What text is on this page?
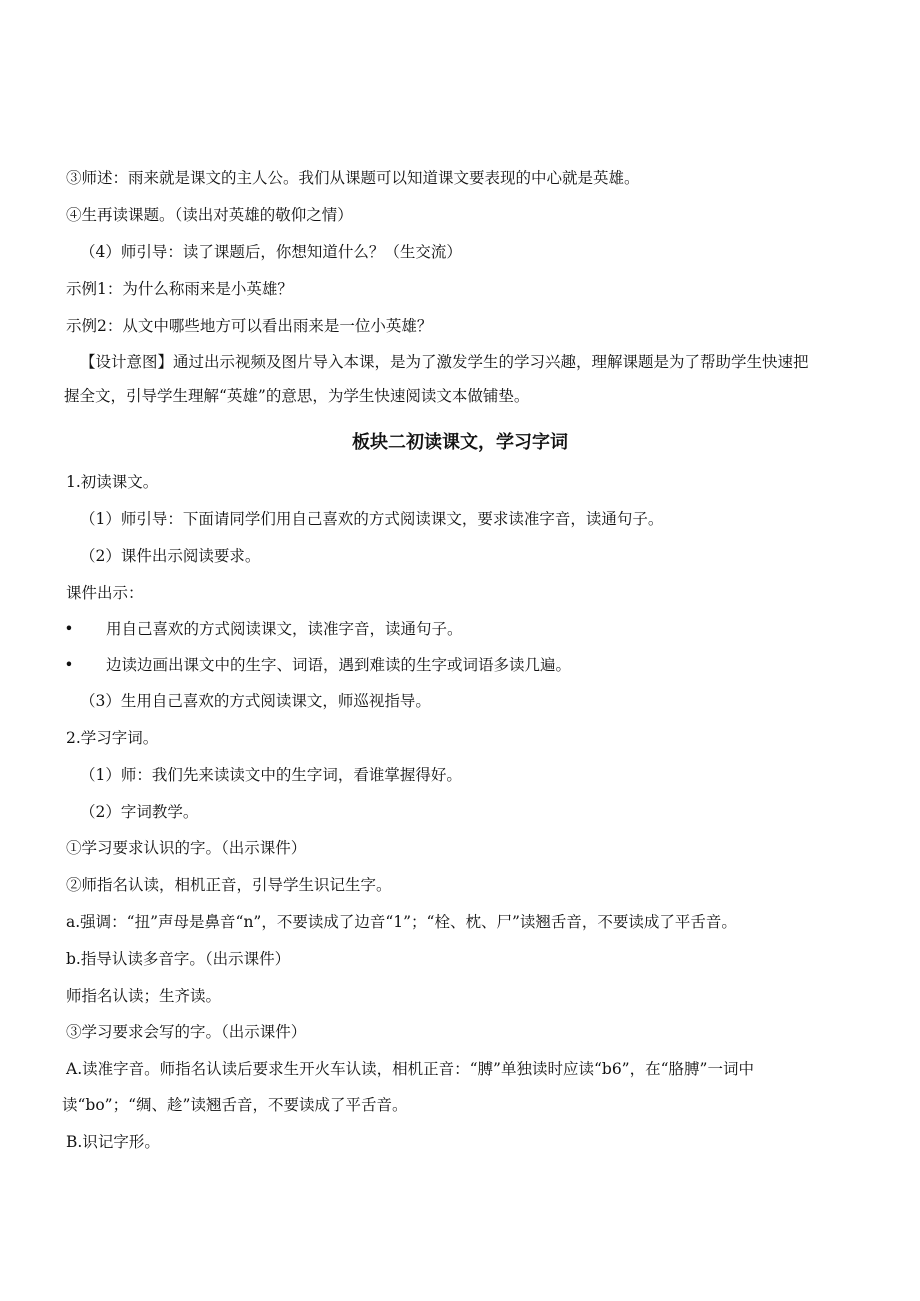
③师述：雨来就是课文的主人公。我们从课题可以知道课文要表现的中心就是英雄。
④生再读课题。（读出对英雄的敬仰之情）
（4）师引导：读了课题后，你想知道什么？（生交流）
示例1：为什么称雨来是小英雄？
示例2：从文中哪些地方可以看出雨来是一位小英雄？
【设计意图】通过出示视频及图片导入本课，是为了激发学生的学习兴趣，理解课题是为了帮助学生快速把
握全文，引导学生理解“英雄”的意思，为学生快速阅读文本做铺垫。
板块二初读课文，学习字词
1.初读课文。
（1）师引导：下面请同学们用自己喜欢的方式阅读课文，要求读准字音，读通句子。
（2）课件出示阅读要求。
课件出示：
• 用自己喜欢的方式阅读课文，读准字音，读通句子。
• 边读边画出课文中的生字、词语，遇到难读的生字或词语多读几遍。
（3）生用自己喜欢的方式阅读课文，师巡视指导。
2.学习字词。
（1）师：我们先来读读文中的生字词，看谁掌握得好。
（2）字词教学。
①学习要求认识的字。（出示课件）
②师指名认读，相机正音，引导学生识记生字。
a.强调：“扭”声母是鼻音“n”，不要读成了边音“1”；“栓、枕、尸”读翘舌音，不要读成了平舌音。
b.指导认读多音字。（出示课件）
师指名认读；生齐读。
③学习要求会写的字。（出示课件）
A.读准字音。师指名认读后要求生开火车认读，相机正音：“膊”单独读时应读“b6”，在“胳膊”一词中
读“bo”；“绸、趁”读翘舌音，不要读成了平舌音。
B.识记字形。
